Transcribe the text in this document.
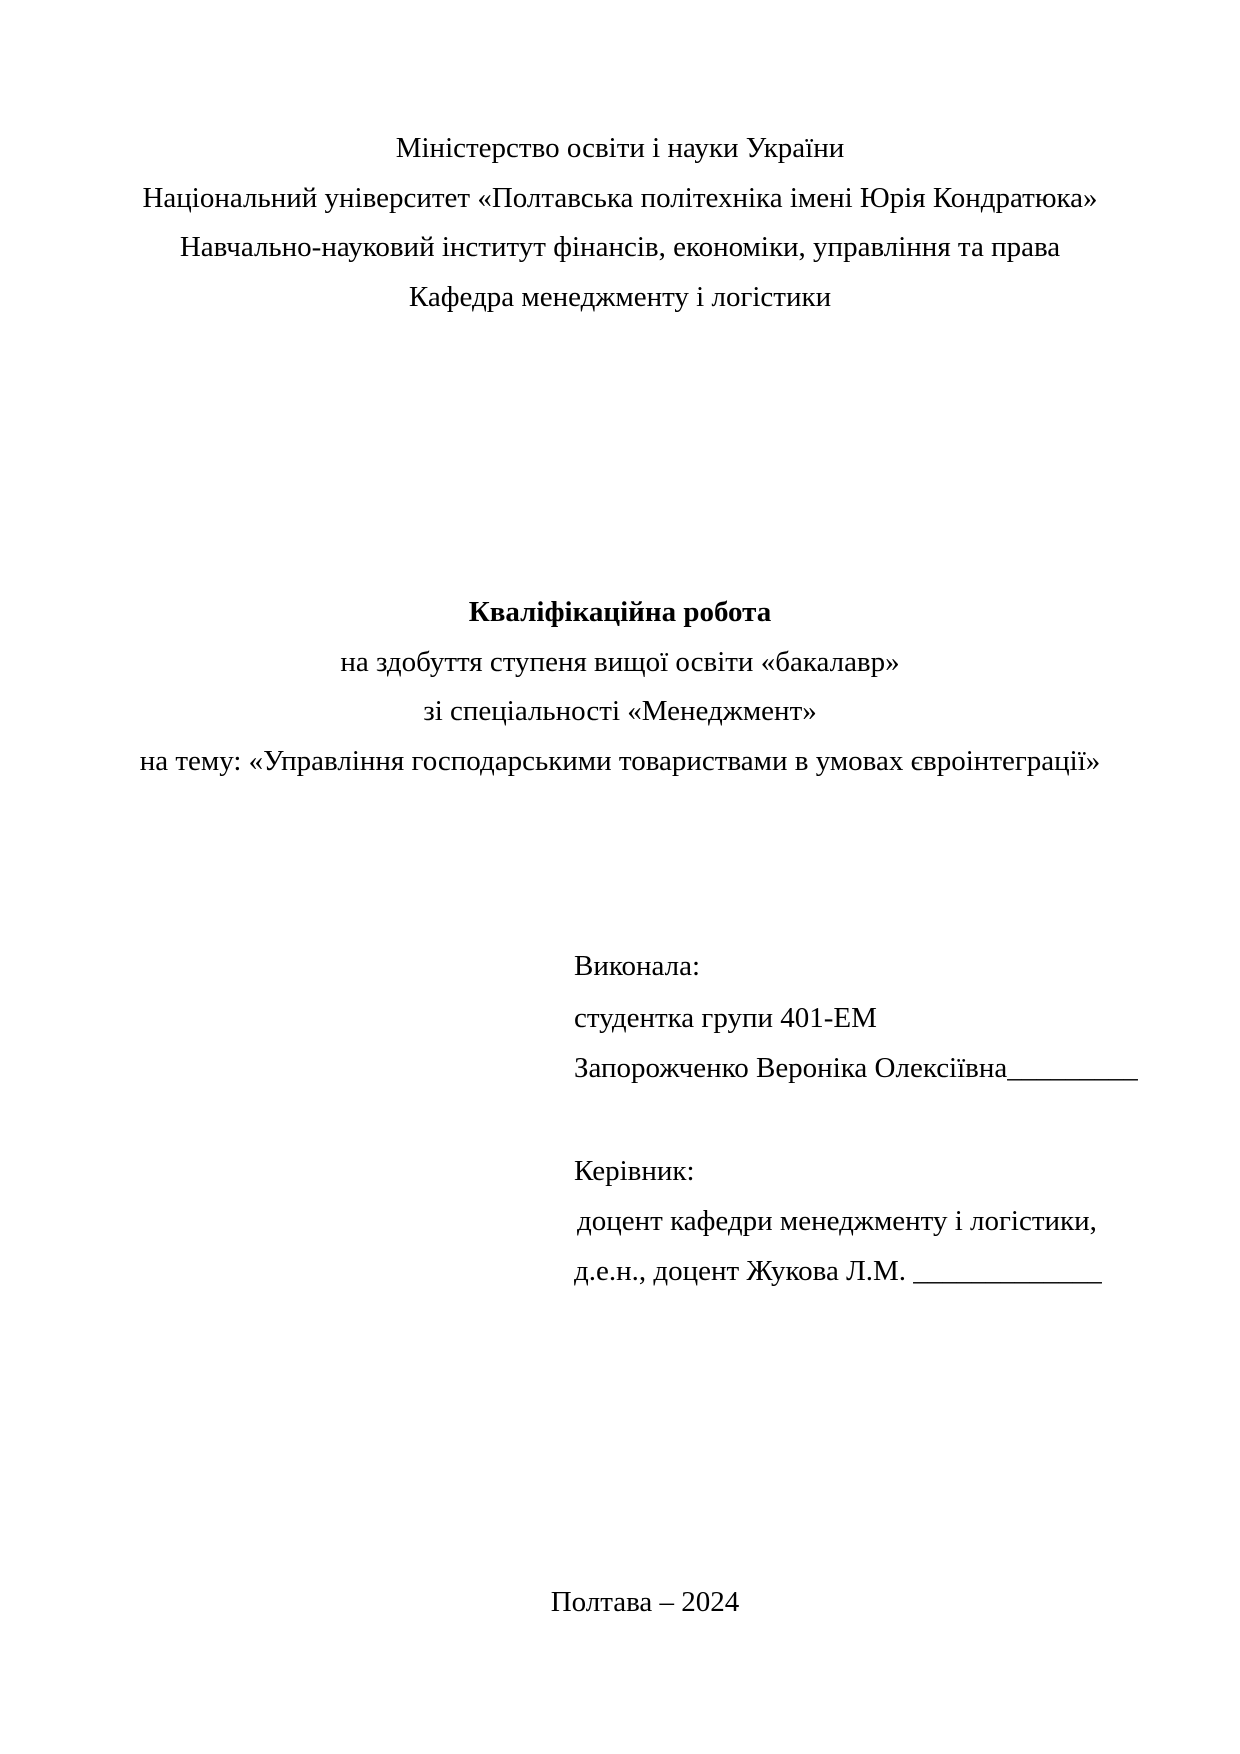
Міністерство освіти і науки України
Національний університет «Полтавська політехніка імені Юрія Кондратюка»
Навчально-науковий інститут фінансів, економіки, управління та права
Кафедра менеджменту і логістики
Кваліфікаційна робота
на здобуття ступеня вищої освіти «бакалавр»
зі спеціальності «Менеджмент»
на тему: «Управління господарськими товариствами в умовах євроінтеграції»
Виконала:
студентка групи 401-ЕМ
Запорожченко Вероніка Олексіївна_________
Керівник:
доцент кафедри менеджменту і логістики,
д.е.н., доцент Жукова Л.М. _____________
Полтава – 2024
